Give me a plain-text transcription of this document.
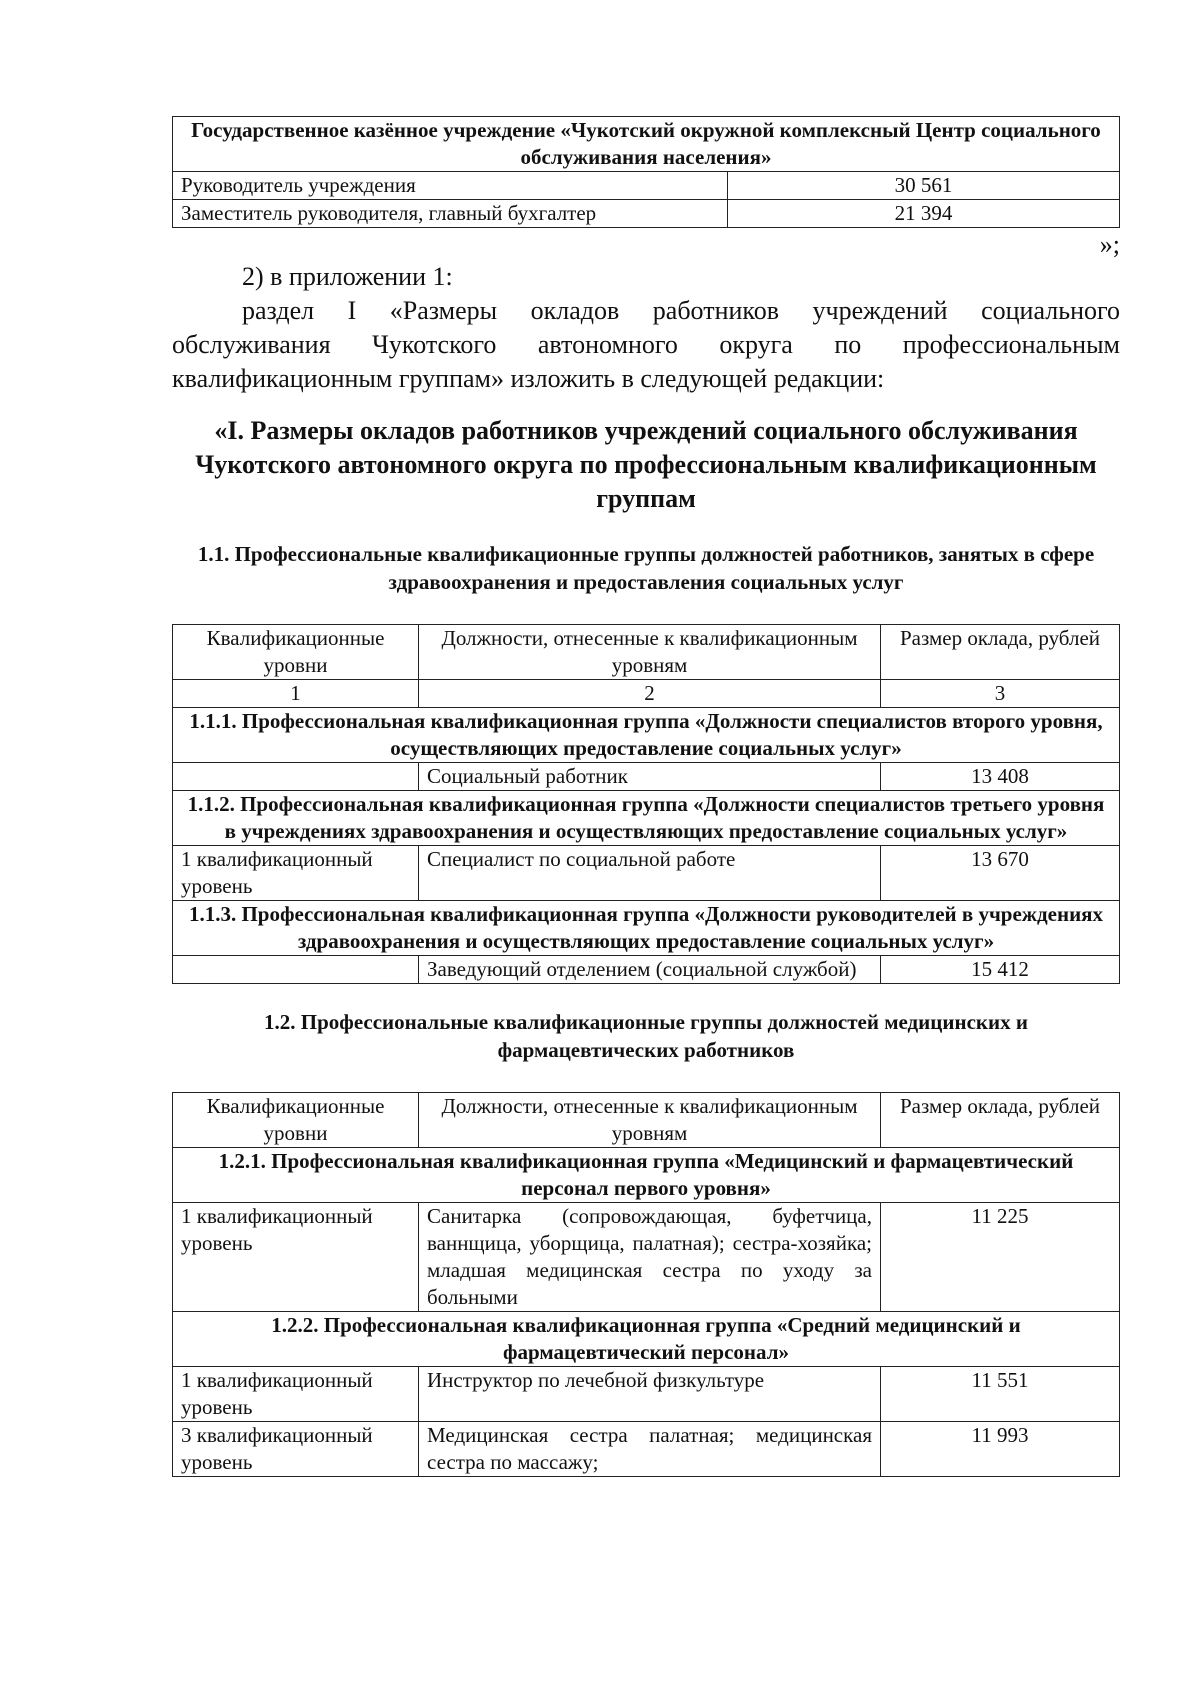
Государственное казённое учреждение «Чукотский окружной комплексный Центр социального обслуживания населения»	
Руководитель учреждения	30 561
Заместитель руководителя, главный бухгалтер	21 394

»;

2) в приложении 1:

раздел I «Размеры окладов работников учреждений социального обслуживания Чукотского автономного округа по профессиональным квалификационным группам» изложить в следующей редакции:

«I. Размеры окладов работников учреждений социального обслуживания Чукотского автономного округа по профессиональным квалификационным группам

1.1. Профессиональные квалификационные группы должностей работников, занятых в сфере здравоохранения и предоставления социальных услуг

Квалификационные уровни	Должности, отнесенные к квалификационным уровням	Размер оклада, рублей
1	2	3
1.1.1. Профессиональная квалификационная группа «Должности специалистов второго уровня, осуществляющих предоставление социальных услуг»		
	Социальный работник	13 408
1.1.2. Профессиональная квалификационная группа «Должности специалистов третьего уровня в учреждениях здравоохранения и осуществляющих предоставление социальных услуг»		
1 квалификационный уровень	Специалист по социальной работе	13 670
1.1.3. Профессиональная квалификационная группа «Должности руководителей в учреждениях здравоохранения и осуществляющих предоставление социальных услуг»		
	Заведующий отделением (социальной службой)	15 412

1.2. Профессиональные квалификационные группы должностей медицинских и фармацевтических работников

Квалификационные уровни	Должности, отнесенные к квалификационным уровням	Размер оклада, рублей
1.2.1. Профессиональная квалификационная группа «Медицинский и фармацевтический персонал первого уровня»		
1 квалификационный уровень	Санитарка (сопровождающая, буфетчица, ваннщица, уборщица, палатная); сестра-хозяйка; младшая медицинская сестра по уходу за больными	11 225
1.2.2. Профессиональная квалификационная группа «Средний медицинский и фармацевтический персонал»		
1 квалификационный уровень	Инструктор по лечебной физкультуре	11 551
3 квалификационный уровень	Медицинская сестра палатная; медицинская сестра по массажу;	11 993
